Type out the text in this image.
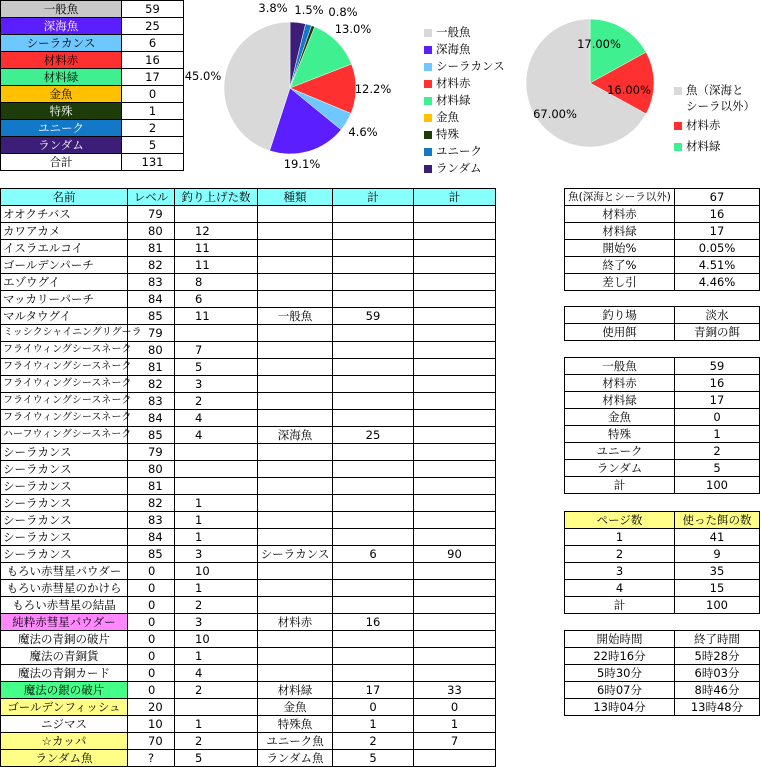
一般魚	59
深海魚	25
シーラカンス	6
材料赤	16
材料緑	17
金魚	0
特殊	1
ユニーク	2
ランダム	5
合計	131
45.0%
19.1%
4.6%
12.2%
13.0%
0.8%
1.5%
3.8%
一般魚
深海魚
シーラカンス
材料赤
材料緑
金魚
特殊
ユニーク
ランダム
67.00%
16.00%
17.00%
魚（深海と
シーラ以外）
材料赤
材料緑
名前	レベル	釣り上げた数	種類	計	計
オオクチバス	79				
カワアカメ	80	12			
イスラエルコイ	81	11			
ゴールデンパーチ	82	11			
エゾウグイ	83	8			
マッカリーパーチ	84	6			
マルタウグイ	85	11	一般魚	59	
ミッシクシャイニングリグーラ	79				
フライウィングシースネーク	80	7			
フライウィングシースネーク	81	5			
フライウィングシースネーク	82	3			
フライウィングシースネーク	83	2			
フライウィングシースネーク	84	4			
ハーフウィングシースネーク	85	4	深海魚	25	
シーラカンス	79				
シーラカンス	80				
シーラカンス	81				
シーラカンス	82	1			
シーラカンス	83	1			
シーラカンス	84	1			
シーラカンス	85	3	シーラカンス	6	90
もろい赤彗星パウダー	0	10			
もろい赤彗星のかけら	0	1			
もろい赤彗星の結晶	0	2			
純粋赤彗星パウダー	0	3	材料赤	16	
魔法の青銅の破片	0	10			
魔法の青銅貨	0	1			
魔法の青銅カード	0	4			
魔法の銀の破片	0	2	材料緑	17	33
ゴールデンフィッシュ	20		金魚	0	0
ニジマス	10	1	特殊魚	1	1
☆カッパ	70	2	ユニーク魚	2	7
ランダム魚	?	5	ランダム魚	5	
魚(深海とシーラ以外)	67
材料赤	16
材料緑	17
開始%	0.05%
終了%	4.51%
差し引	4.46%
釣り場	淡水
使用餌	青銅の餌
一般魚	59
材料赤	16
材料緑	17
金魚	0
特殊	1
ユニーク	2
ランダム	5
計	100
ページ数	使った餌の数
1	41
2	9
3	35
4	15
計	100
開始時間	終了時間
22時16分	5時28分
5時30分	6時03分
6時07分	8時46分
13時04分	13時48分
